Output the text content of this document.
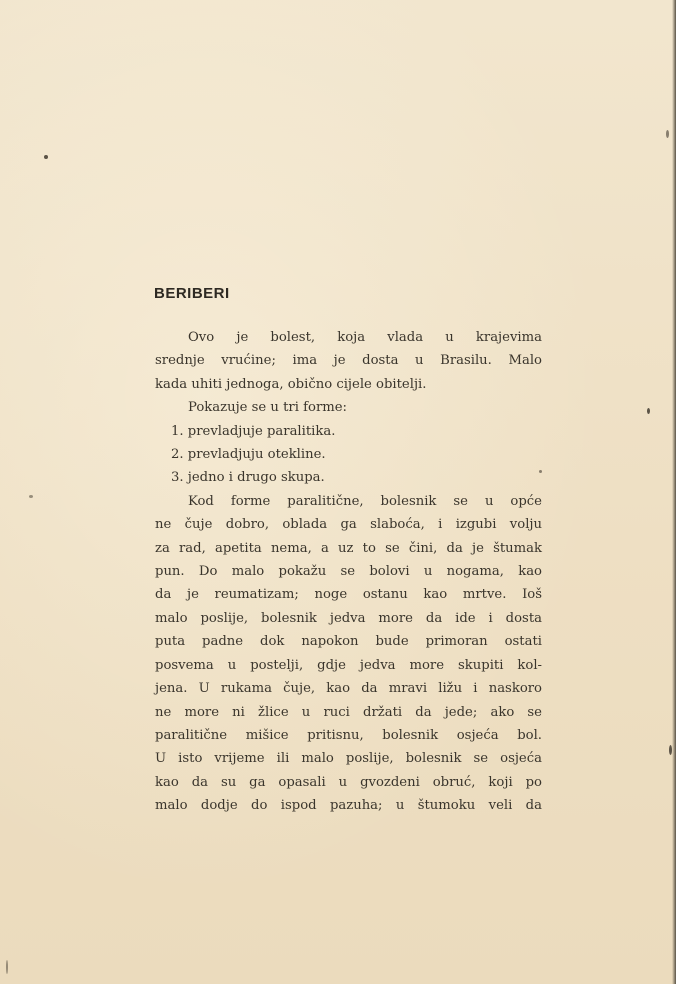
BERIBERI
Ovo je bolest, koja vlada u krajevima
srednje vrućine; ima je dosta u Brasilu. Malo
kada uhiti jednoga, obično cijele obitelji.
Pokazuje se u tri forme:
1. prevladjuje paralitika.
2. prevladjuju otekline.
3. jedno i drugo skupa.
Kod forme paralitične, bolesnik se u opće
ne čuje dobro, oblada ga slaboća, i izgubi volju
za rad, apetita nema, a uz to se čini, da je štumak
pun. Do malo pokažu se bolovi u nogama, kao
da je reumatizam; noge ostanu kao mrtve. Ioš
malo poslije, bolesnik jedva more da ide i dosta
puta padne dok napokon bude primoran ostati
posvema u postelji, gdje jedva more skupiti kol-
jena. U rukama čuje, kao da mravi ližu i naskoro
ne more ni žlice u ruci držati da jede; ako se
paralitične mišice pritisnu, bolesnik osjeća bol.
U isto vrijeme ili malo poslije, bolesnik se osjeća
kao da su ga opasali u gvozdeni obruć, koji po
malo dodje do ispod pazuha; u štumoku veli da
